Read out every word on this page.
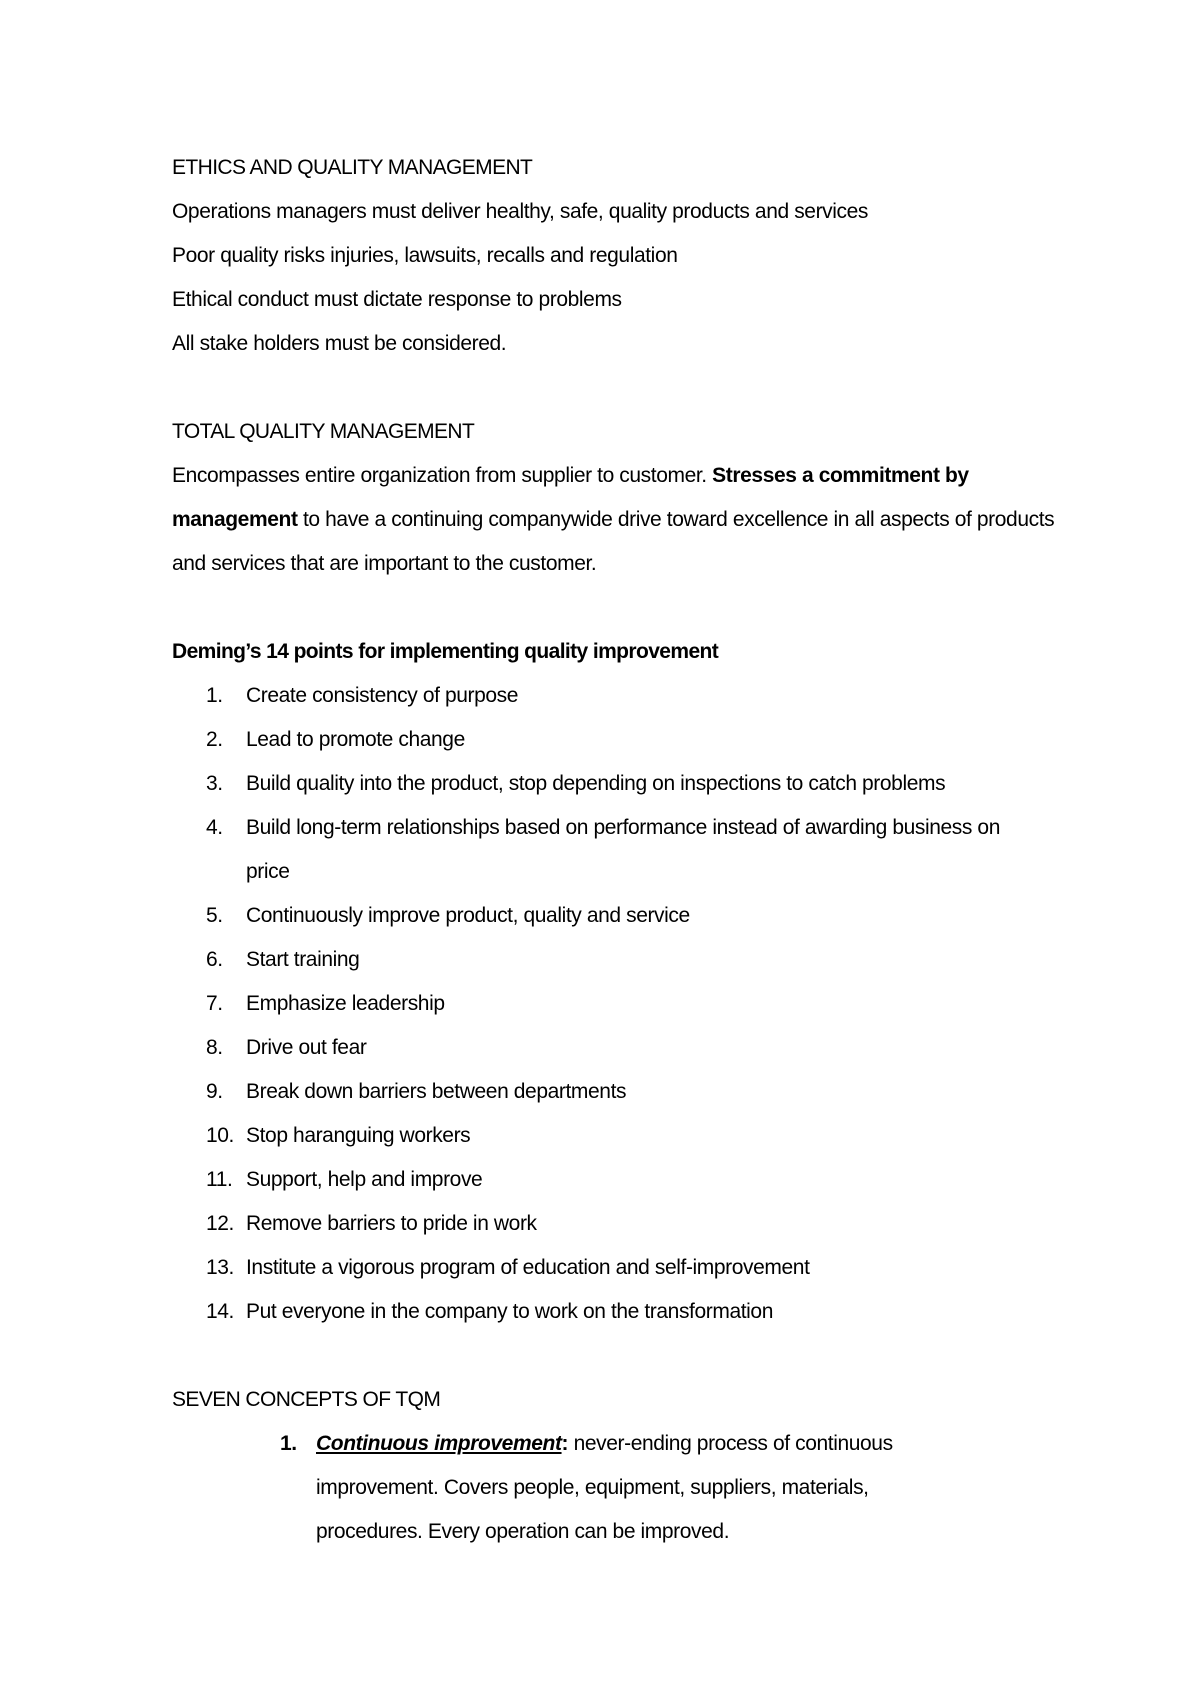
ETHICS AND QUALITY MANAGEMENT
Operations managers must deliver healthy, safe, quality products and services
Poor quality risks injuries, lawsuits, recalls and regulation
Ethical conduct must dictate response to problems
All stake holders must be considered.
TOTAL QUALITY MANAGEMENT

Encompasses entire organization from supplier to customer. Stresses a commitment by management to have a continuing companywide drive toward excellence in all aspects of products and services that are important to the customer.

Deming’s 14 points for implementing quality improvement
1. Create consistency of purpose
2. Lead to promote change
3. Build quality into the product, stop depending on inspections to catch problems
4. Build long-term relationships based on performance instead of awarding business on price
5. Continuously improve product, quality and service
6. Start training
7. Emphasize leadership
8. Drive out fear
9. Break down barriers between departments
10. Stop haranguing workers
11. Support, help and improve
12. Remove barriers to pride in work
13. Institute a vigorous program of education and self-improvement
14. Put everyone in the company to work on the transformation
SEVEN CONCEPTS OF TQM
1. Continuous improvement: never-ending process of continuous improvement. Covers people, equipment, suppliers, materials, procedures. Every operation can be improved.
